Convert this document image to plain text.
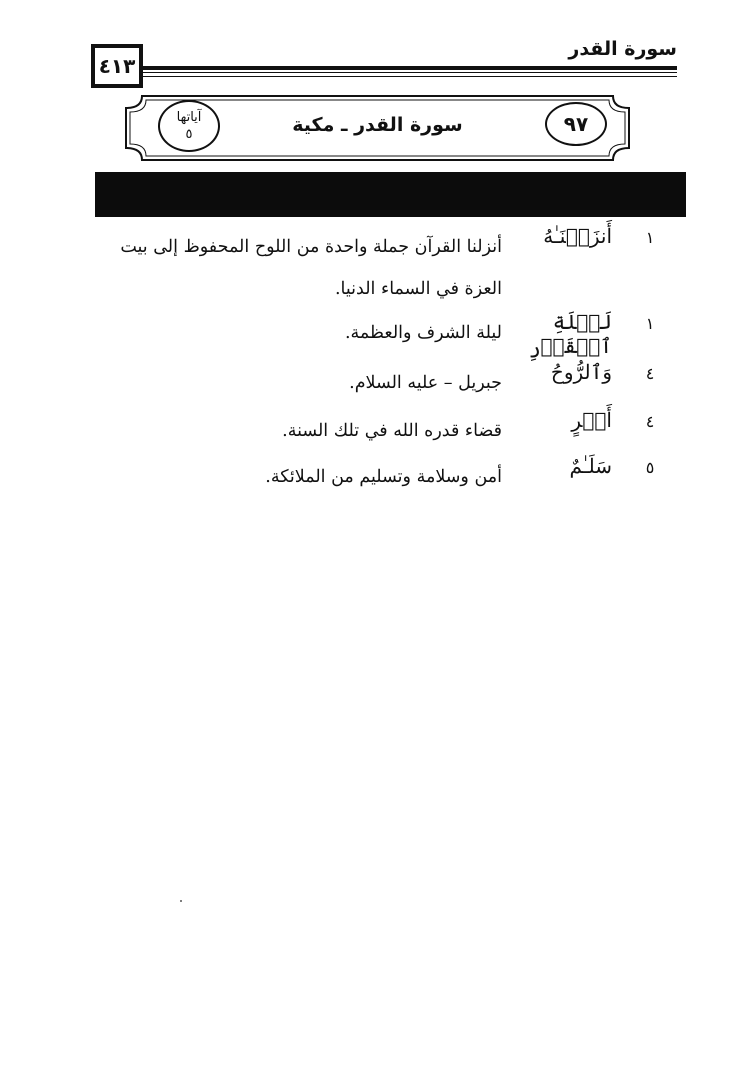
سورة القدر
٤١٣
آياتها
٥	سورة القدر ـ مكية	٩٧
١
أَنزَلۡنَـٰهُ
أنزلنا القرآن جملة واحدة من اللوح المحفوظ إلى بيت العزة في السماء الدنيا.
١
لَيۡلَةِ ٱلۡقَدۡرِ
ليلة الشرف والعظمة.
٤
وَٱلرُّوحُ
جبريل – عليه السلام.
٤
أَمۡرٍ
قضاء قدره الله في تلك السنة.
٥
سَلَـٰمٌ
أمن وسلامة وتسليم من الملائكة.
